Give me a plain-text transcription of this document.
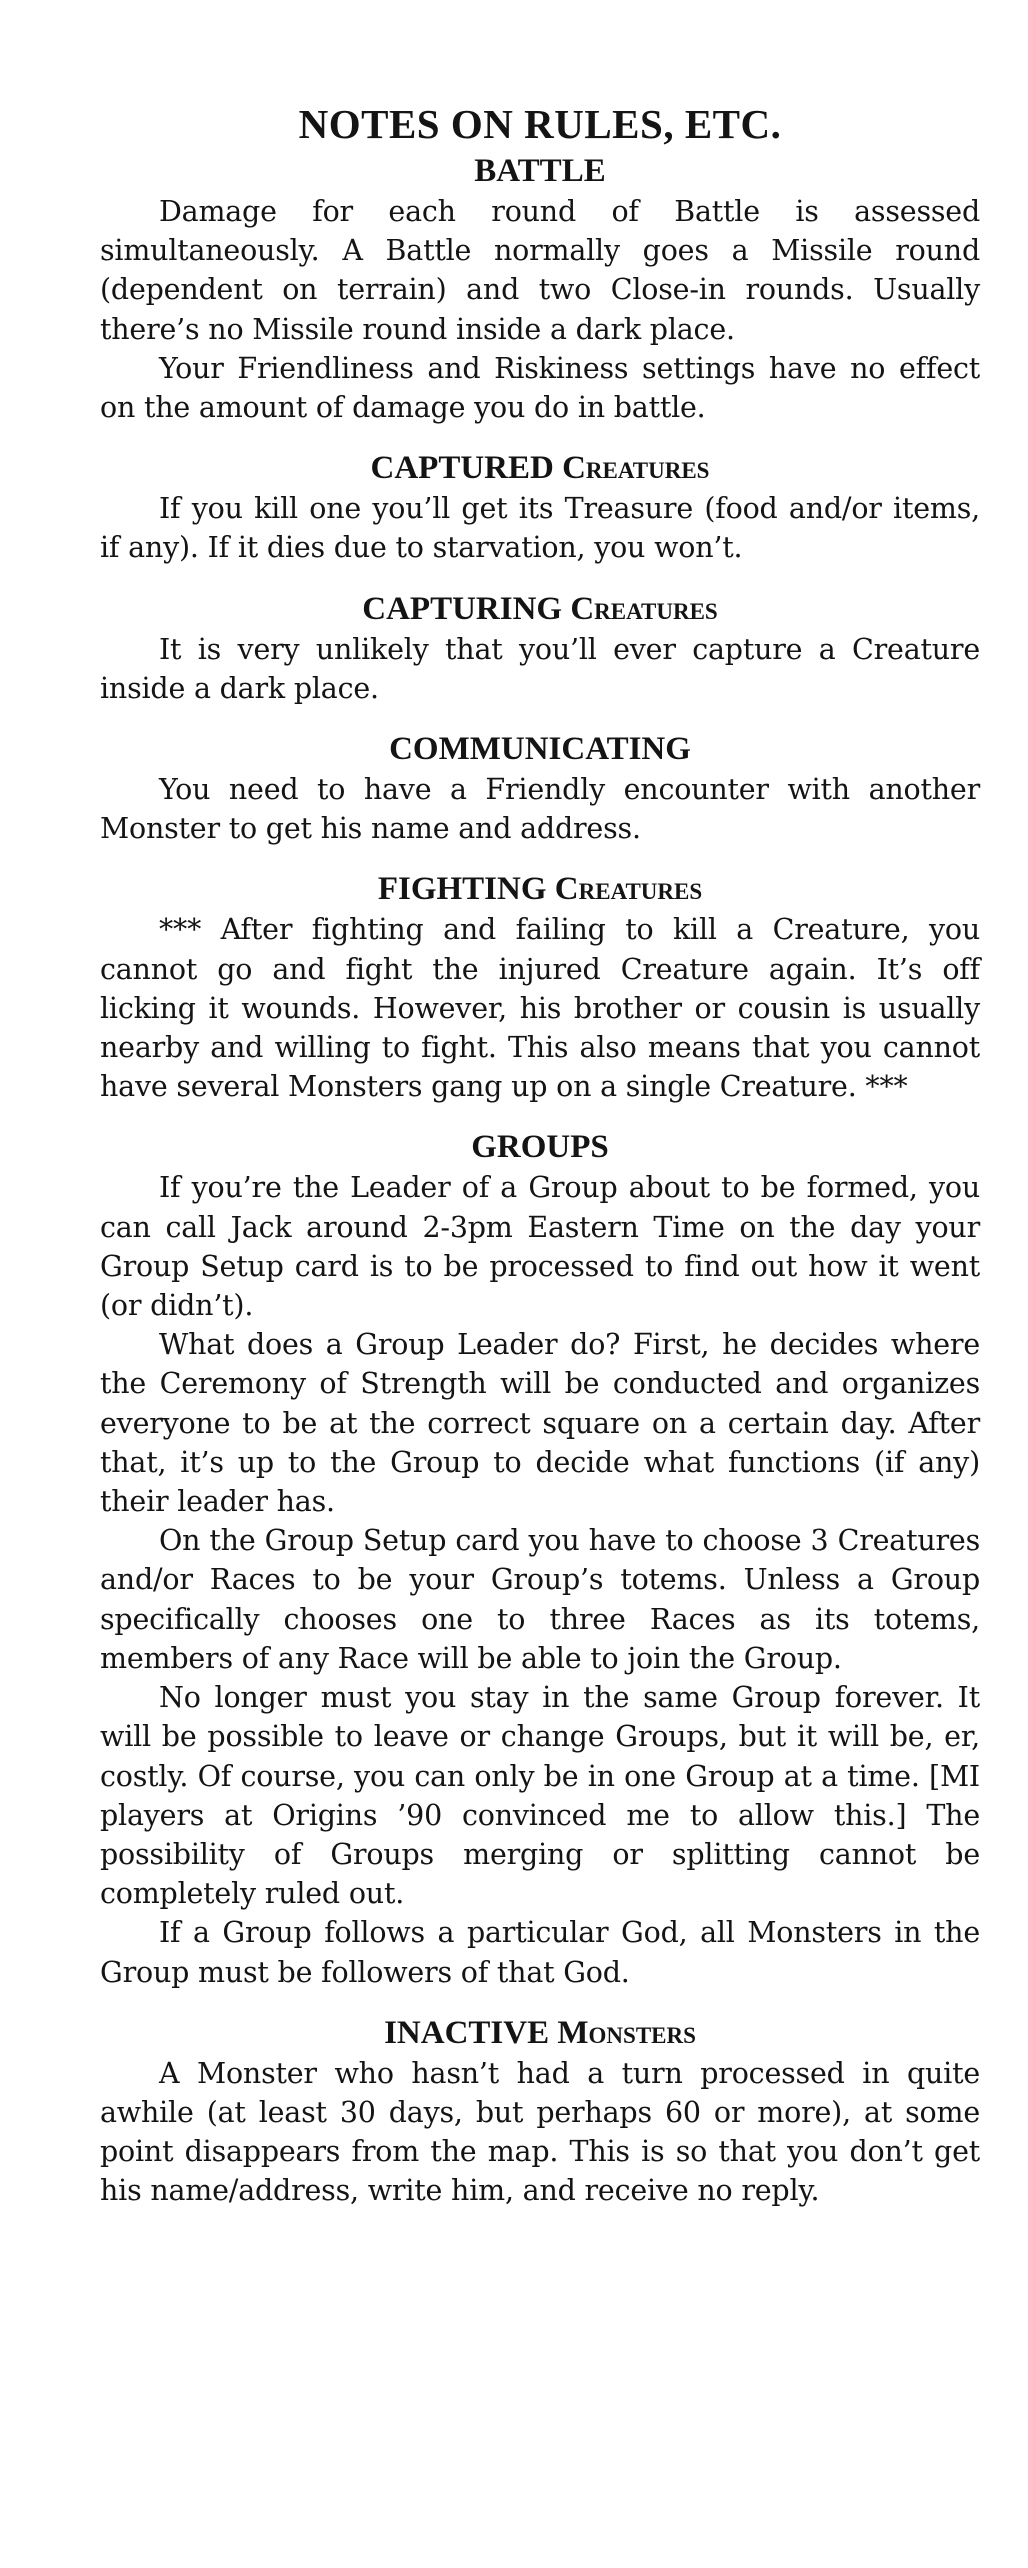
NOTES ON RULES, ETC.
BATTLE

Damage for each round of Battle is assessed simultaneously. A Battle normally goes a Missile round (dependent on terrain) and two Close-in rounds. Usually there’s no Missile round inside a dark place.

Your Friendliness and Riskiness settings have no effect on the amount of damage you do in battle.

CAPTURED Creatures

If you kill one you’ll get its Treasure (food and/or items, if any). If it dies due to starvation, you won’t.

CAPTURING Creatures

It is very unlikely that you’ll ever capture a Creature inside a dark place.

COMMUNICATING

You need to have a Friendly encounter with another Monster to get his name and address.

FIGHTING Creatures

*** After fighting and failing to kill a Creature, you cannot go and fight the injured Creature again. It’s off licking it wounds. However, his brother or cousin is usually nearby and willing to fight. This also means that you cannot have several Monsters gang up on a single Creature. ***

GROUPS

If you’re the Leader of a Group about to be formed, you can call Jack around 2-3pm Eastern Time on the day your Group Setup card is to be processed to find out how it went (or didn’t).

What does a Group Leader do? First, he decides where the Ceremony of Strength will be conducted and organizes everyone to be at the correct square on a certain day. After that, it’s up to the Group to decide what functions (if any) their leader has.

On the Group Setup card you have to choose 3 Creatures and/or Races to be your Group’s totems. Unless a Group specifically chooses one to three Races as its totems, members of any Race will be able to join the Group.

No longer must you stay in the same Group forever. It will be possible to leave or change Groups, but it will be, er, costly. Of course, you can only be in one Group at a time. [MI players at Origins ’90 convinced me to allow this.] The possibility of Groups merging or splitting cannot be completely ruled out.

If a Group follows a particular God, all Monsters in the Group must be followers of that God.

INACTIVE Monsters

A Monster who hasn’t had a turn processed in quite awhile (at least 30 days, but perhaps 60 or more), at some point disappears from the map. This is so that you don’t get his name/address, write him, and receive no reply.
